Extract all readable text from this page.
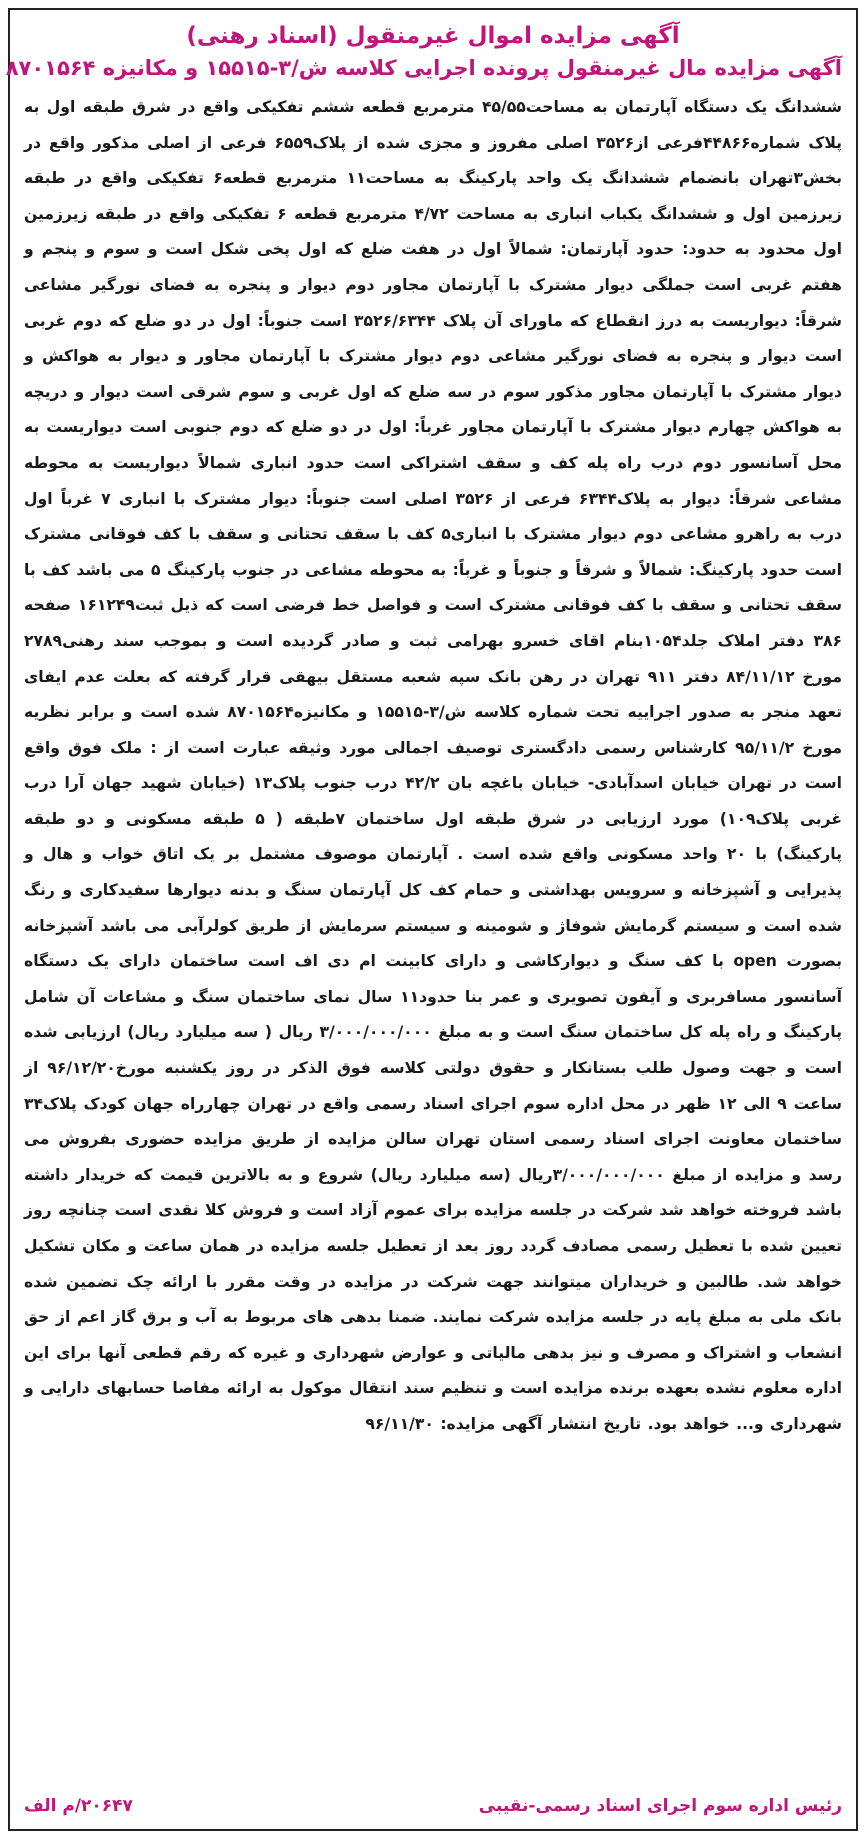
آگهی مزایده اموال غیرمنقول (اسناد رهنی)
آگهی مزایده مال غیرمنقول پرونده اجرایی کلاسه ش/۳-۱۵۵۱۵ و مکانیزه ۸۷۰۱۵۶۴

ششدانگ یک دستگاه آپارتمان به مساحت۴۵/۵۵ مترمربع قطعه ششم تفکیکی واقع در شرق طبقه اول به پلاک شماره۴۴۸۶۶فرعی از۳۵۲۶ اصلی مفروز و مجزی شده از پلاک۶۵۵۹ فرعی از اصلی مذکور واقع در بخش۳تهران بانضمام ششدانگ یک واحد پارکینگ به مساحت۱۱ مترمربع قطعه۶ تفکیکی واقع در طبقه زیرزمین اول و ششدانگ یکباب انباری به مساحت ۴/۷۲ مترمربع قطعه ۶ تفکیکی واقع در طبقه زیرزمین اول محدود به حدود: حدود آپارتمان: شمالاً اول در هفت ضلع که اول پخی شکل است و سوم و پنجم و هفتم غربی است جملگی دیوار مشترک با آپارتمان مجاور دوم دیوار و پنجره به فضای نورگیر مشاعی شرقاً: دیواریست به درز انقطاع که ماورای آن پلاک ۳۵۲۶/۶۳۴۴ است جنوباً: اول در دو ضلع که دوم غربی است دیوار و پنجره به فضای نورگیر مشاعی دوم دیوار مشترک با آپارتمان مجاور و دیوار به هواکش و دیوار مشترک با آپارتمان مجاور مذکور سوم در سه ضلع که اول غربی و سوم شرقی است دیوار و دریچه به هواکش چهارم دیوار مشترک با آپارتمان مجاور غرباً: اول در دو ضلع که دوم جنوبی است دیواریست به محل آسانسور دوم درب راه پله کف و سقف اشتراکی است حدود انباری شمالاً دیواریست به محوطه مشاعی شرقاً: دیوار به پلاک۶۳۴۴ فرعی از ۳۵۲۶ اصلی است جنوباً: دیوار مشترک با انباری ۷ غرباً اول درب به راهرو مشاعی دوم دیوار مشترک با انباری۵ کف با سقف تحتانی و سقف با کف فوقانی مشترک است حدود پارکینگ: شمالاً و شرقاً و جنوباً و غرباً: به محوطه مشاعی در جنوب پارکینگ ۵ می باشد کف با سقف تحتانی و سقف با کف فوقانی مشترک است و فواصل خط فرضی است که ذیل ثبت۱۶۱۲۴۹ صفحه ۳۸۶ دفتر املاک جلد۱۰۵۴بنام اقای خسرو بهرامی ثبت و صادر گردیده است و بموجب سند رهنی۲۷۸۹ مورخ ۸۴/۱۱/۱۲ دفتر ۹۱۱ تهران در رهن بانک سپه شعبه مستقل بیهقی قرار گرفته که بعلت عدم ایفای تعهد منجر به صدور اجراییه تحت شماره کلاسه ش/۳-۱۵۵۱۵ و مکانیزه۸۷۰۱۵۶۴ شده است و برابر نظریه مورخ ۹۵/۱۱/۲ کارشناس رسمی دادگستری توصیف اجمالی مورد وثیقه عبارت است از : ملک فوق واقع است در تهران خیابان اسدآبادی- خیابان باغچه بان ۴۲/۲ درب جنوب پلاک۱۳ (خیابان شهید جهان آرا درب غربی پلاک۱۰۹) مورد ارزیابی در شرق طبقه اول ساختمان ۷طبقه ( ۵ طبقه مسکونی و دو طبقه پارکینگ) با ۲۰ واحد مسکونی واقع شده است . آپارتمان موصوف مشتمل بر یک اتاق خواب و هال و پذیرایی و آشپزخانه و سرویس بهداشتی و حمام کف کل آپارتمان سنگ و بدنه دیوارها سفیدکاری و رنگ شده است و سیستم گرمایش شوفاژ و شومینه و سیستم سرمایش از طریق کولرآبی می باشد آشپزخانه بصورت open با کف سنگ و دیوارکاشی و دارای کابینت ام دی اف است ساختمان دارای یک دستگاه آسانسور مسافربری و آیفون تصویری و عمر بنا حدود۱۱ سال نمای ساختمان سنگ و مشاعات آن شامل پارکینگ و راه پله کل ساختمان سنگ است و به مبلغ ۳/۰۰۰/۰۰۰/۰۰۰ ریال ( سه میلیارد ریال) ارزیابی شده است و جهت وصول طلب بستانکار و حقوق دولتی کلاسه فوق الذکر در روز یکشنبه مورخ۹۶/۱۲/۲۰ از ساعت ۹ الی ۱۲ ظهر در محل اداره سوم اجرای اسناد رسمی واقع در تهران چهارراه جهان کودک پلاک۳۴ ساختمان معاونت اجرای اسناد رسمی استان تهران سالن مزایده از طریق مزایده حضوری بفروش می رسد و مزایده از مبلغ ۳/۰۰۰/۰۰۰/۰۰۰ریال (سه میلیارد ریال) شروع و به بالاترین قیمت که خریدار داشته باشد فروخته خواهد شد شرکت در جلسه مزایده برای عموم آزاد است و فروش کلا نقدی است چنانچه روز تعیین شده با تعطیل رسمی مصادف گردد روز بعد از تعطیل جلسه مزایده در همان ساعت و مکان تشکیل خواهد شد. طالبین و خریداران میتوانند جهت شرکت در مزایده در وقت مقرر با ارائه چک تضمین شده بانک ملی به مبلغ پایه در جلسه مزایده شرکت نمایند. ضمنا بدهی های مربوط به آب و برق گاز اعم از حق انشعاب و اشتراک و مصرف و نیز بدهی مالیاتی و عوارض شهرداری و غیره که رقم قطعی آنها برای این اداره معلوم نشده بعهده برنده مزایده است و تنظیم سند انتقال موکول به ارائه مفاصا حسابهای دارایی و شهرداری و... خواهد بود. تاریخ انتشار آگهی مزایده: ۹۶/۱۱/۳۰

رئیس اداره سوم اجرای اسناد رسمی-نقیبی
۲۰۶۴۷/م الف
